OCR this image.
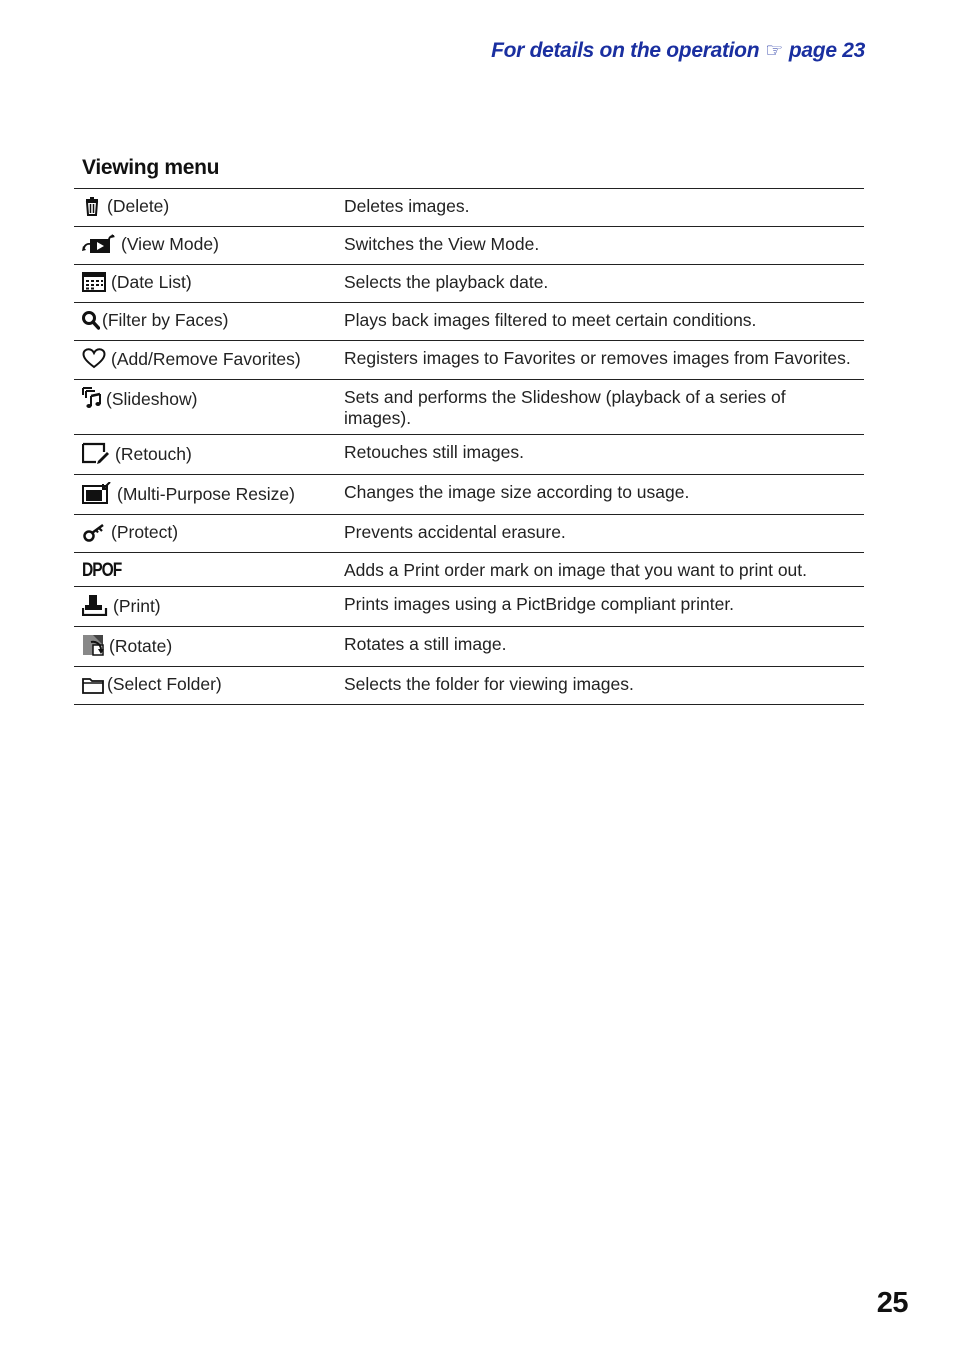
For details on the operation ☞ page 23
Viewing menu
(Delete)	Deletes images.
(View Mode)	Switches the View Mode.
(Date List)	Selects the playback date.
(Filter by Faces)	Plays back images filtered to meet certain conditions.
(Add/Remove Favorites)	Registers images to Favorites or removes images from Favorites.
(Slideshow)	Sets and performs the Slideshow (playback of a series of images).
(Retouch)	Retouches still images.
(Multi-Purpose Resize)	Changes the image size according to usage.
(Protect)	Prevents accidental erasure.
DPOF	Adds a Print order mark on image that you want to print out.
(Print)	Prints images using a PictBridge compliant printer.
(Rotate)	Rotates a still image.
(Select Folder)	Selects the folder for viewing images.
25
